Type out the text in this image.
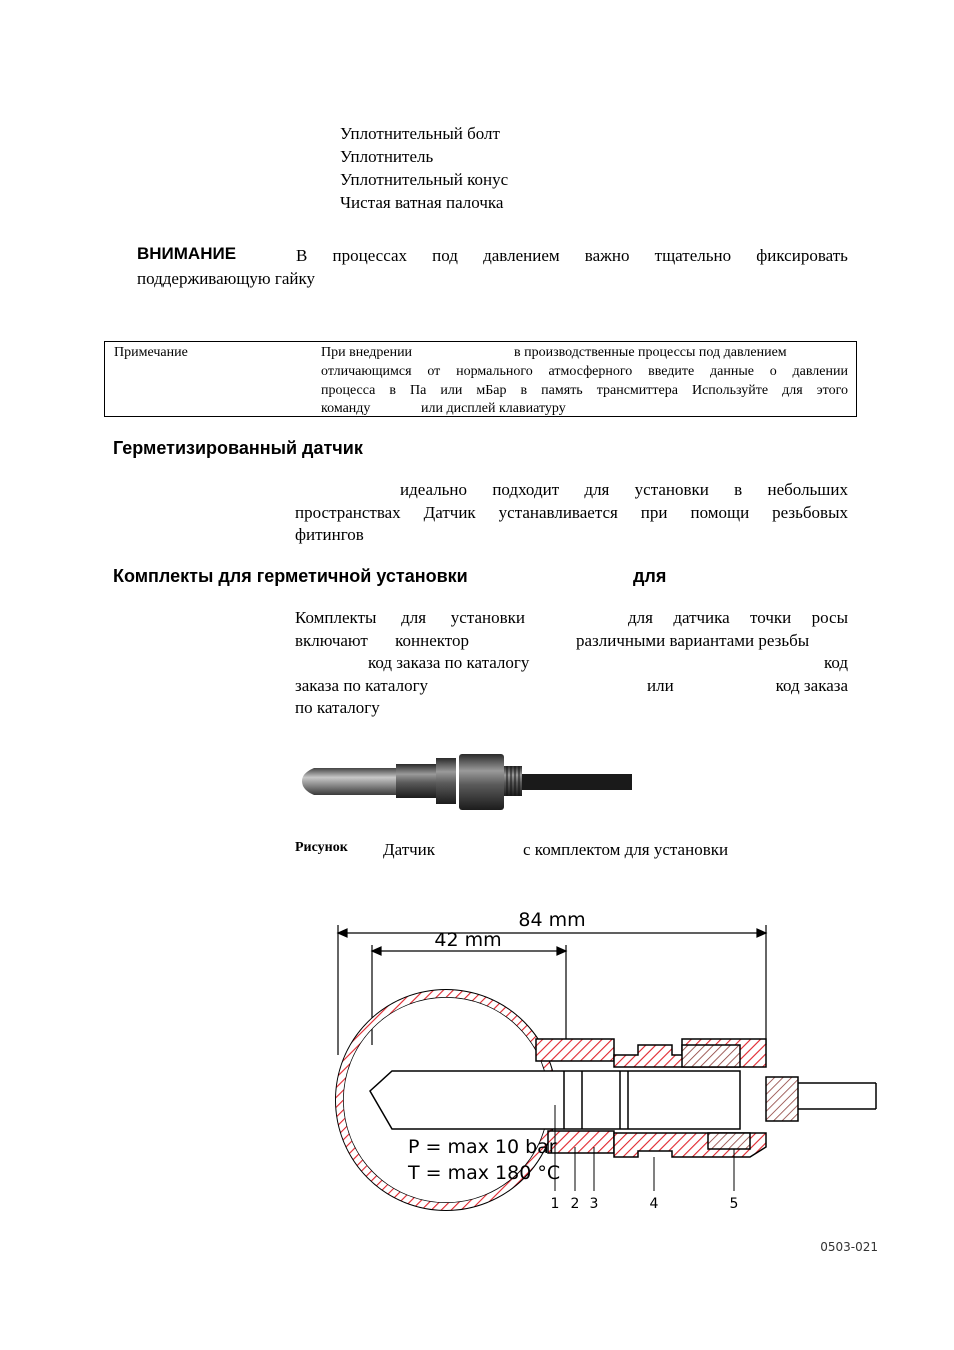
Уплотнительный болт
Уплотнитель
Уплотнительный конус
Чистая ватная палочка
ВНИМАНИЕ	В процессах под давлением важно тщательно фиксировать
поддерживающую гайку
Примечание	При внедрении	в производственные процессы под давлением
отличающимся от нормального атмосферного введите данные о давлении
процесса в Па или мБар в память трансмиттера Используйте для этого
команду	или дисплей клавиатуру
Герметизированный датчик
идеально подходит для установки в небольших
пространствах Датчик устанавливается при помощи резьбовых
фитингов
Комплекты для герметичной установки	для
Комплекты для установки	для датчика точки росы
включают коннектор	различными вариантами резьбы
код заказа по каталогу	код
заказа по каталогу	или	код заказа
по каталогу
Рисунок Датчик	с комплектом для установки
84 mm
42 mm
P = max 10 bar
T = max 180 °C
1 2 3	4	5
0503-021
